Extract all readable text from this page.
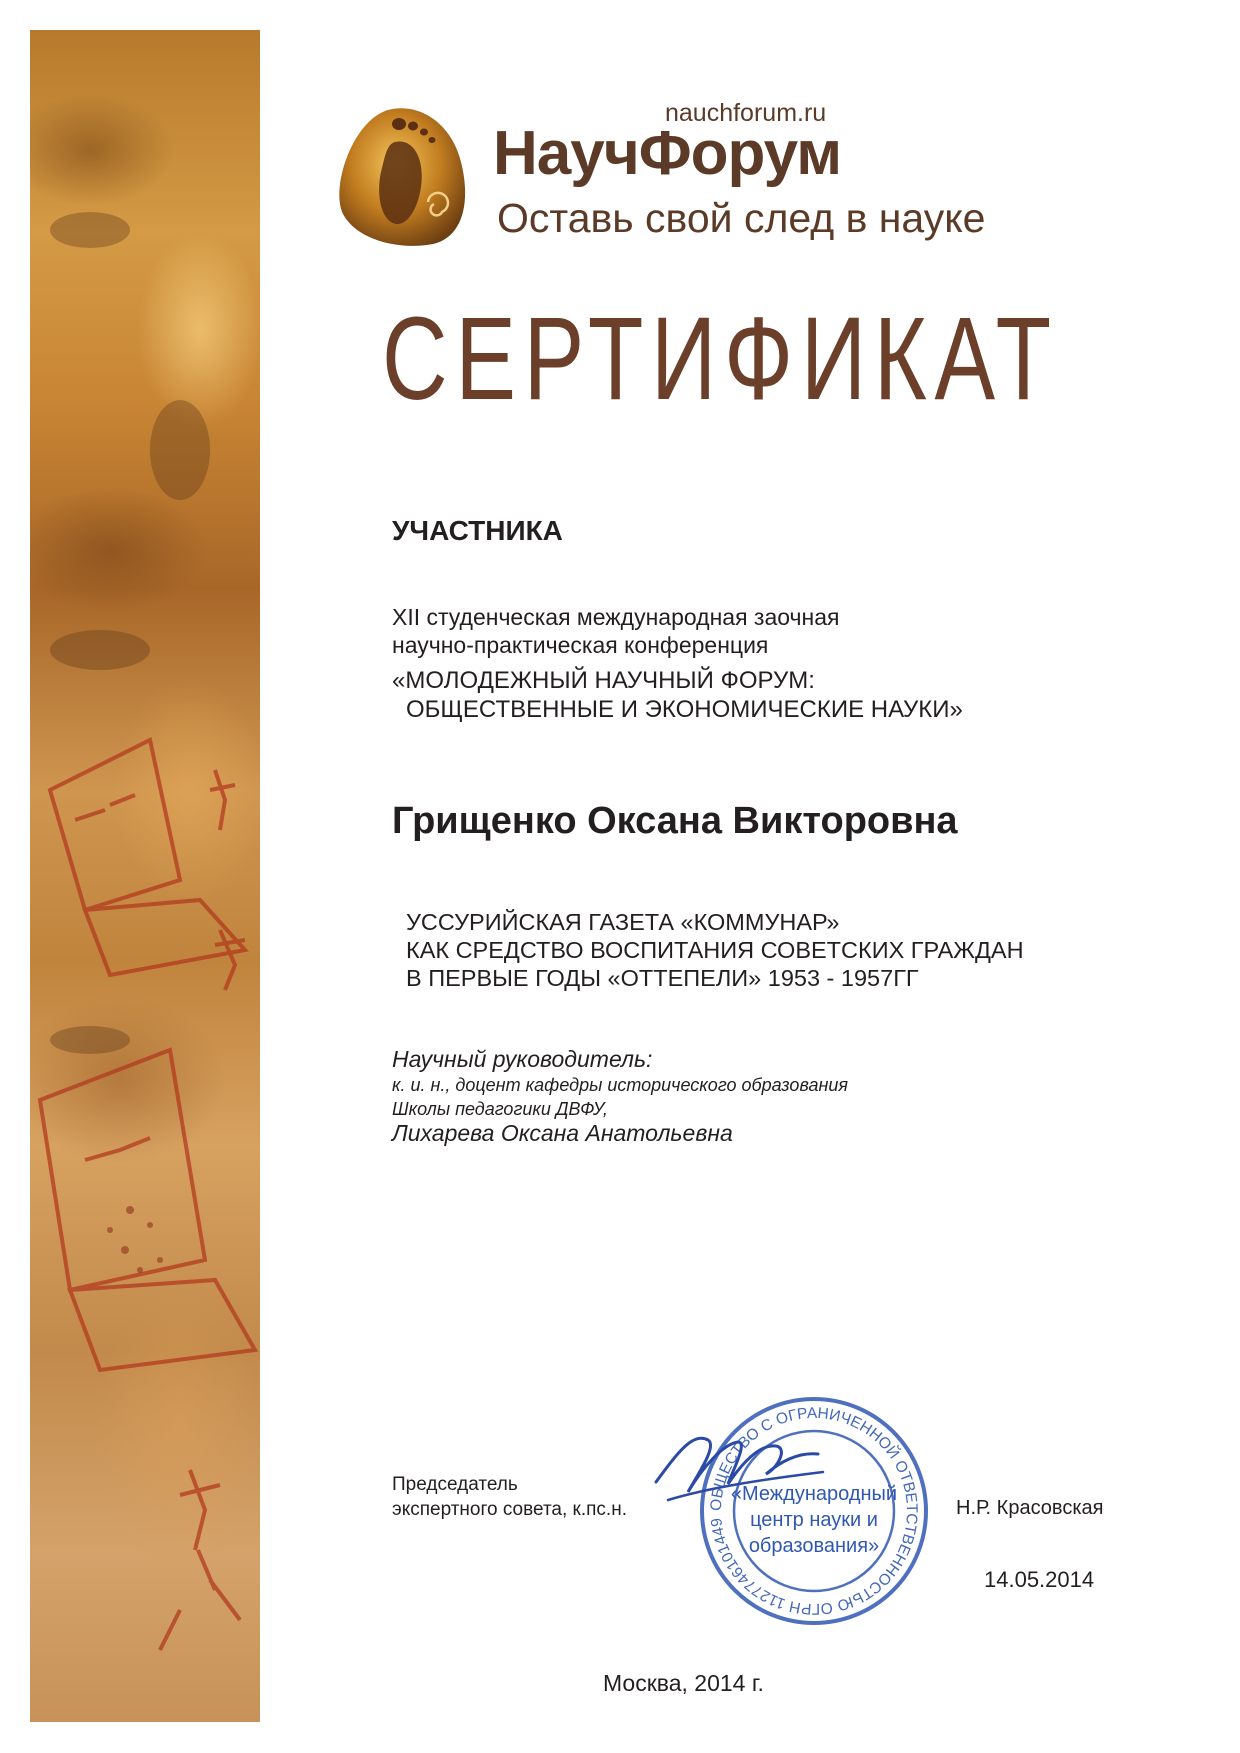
nauchforum.ru
НаучФорум
Оставь свой след в науке
СЕРТИФИКАТ
УЧАСТНИКА
XII студенческая международная заочная
научно-практическая конференция
«МОЛОДЕЖНЫЙ НАУЧНЫЙ ФОРУМ:
ОБЩЕСТВЕННЫЕ И ЭКОНОМИЧЕСКИЕ НАУКИ»
Грищенко Оксана Викторовна
УССУРИЙСКАЯ ГАЗЕТА «КОММУНАР»
КАК СРЕДСТВО ВОСПИТАНИЯ СОВЕТСКИХ ГРАЖДАН
В ПЕРВЫЕ ГОДЫ «ОТТЕПЕЛИ» 1953 - 1957ГГ
Научный руководитель:
к. и. н., доцент кафедры исторического образования
Школы педагогики ДВФУ,
Лихарева Оксана Анатольевна
Председатель
экспертного совета, к.пс.н.	ОБЩЕСТВО С ОГРАНИЧЕННОЙ ОТВЕТСТВЕННОСТЬЮ ОГРН 1127746101449
«Международный
центр науки и
образования»
Н.Р. Красовская
14.05.2014
Москва, 2014 г.
